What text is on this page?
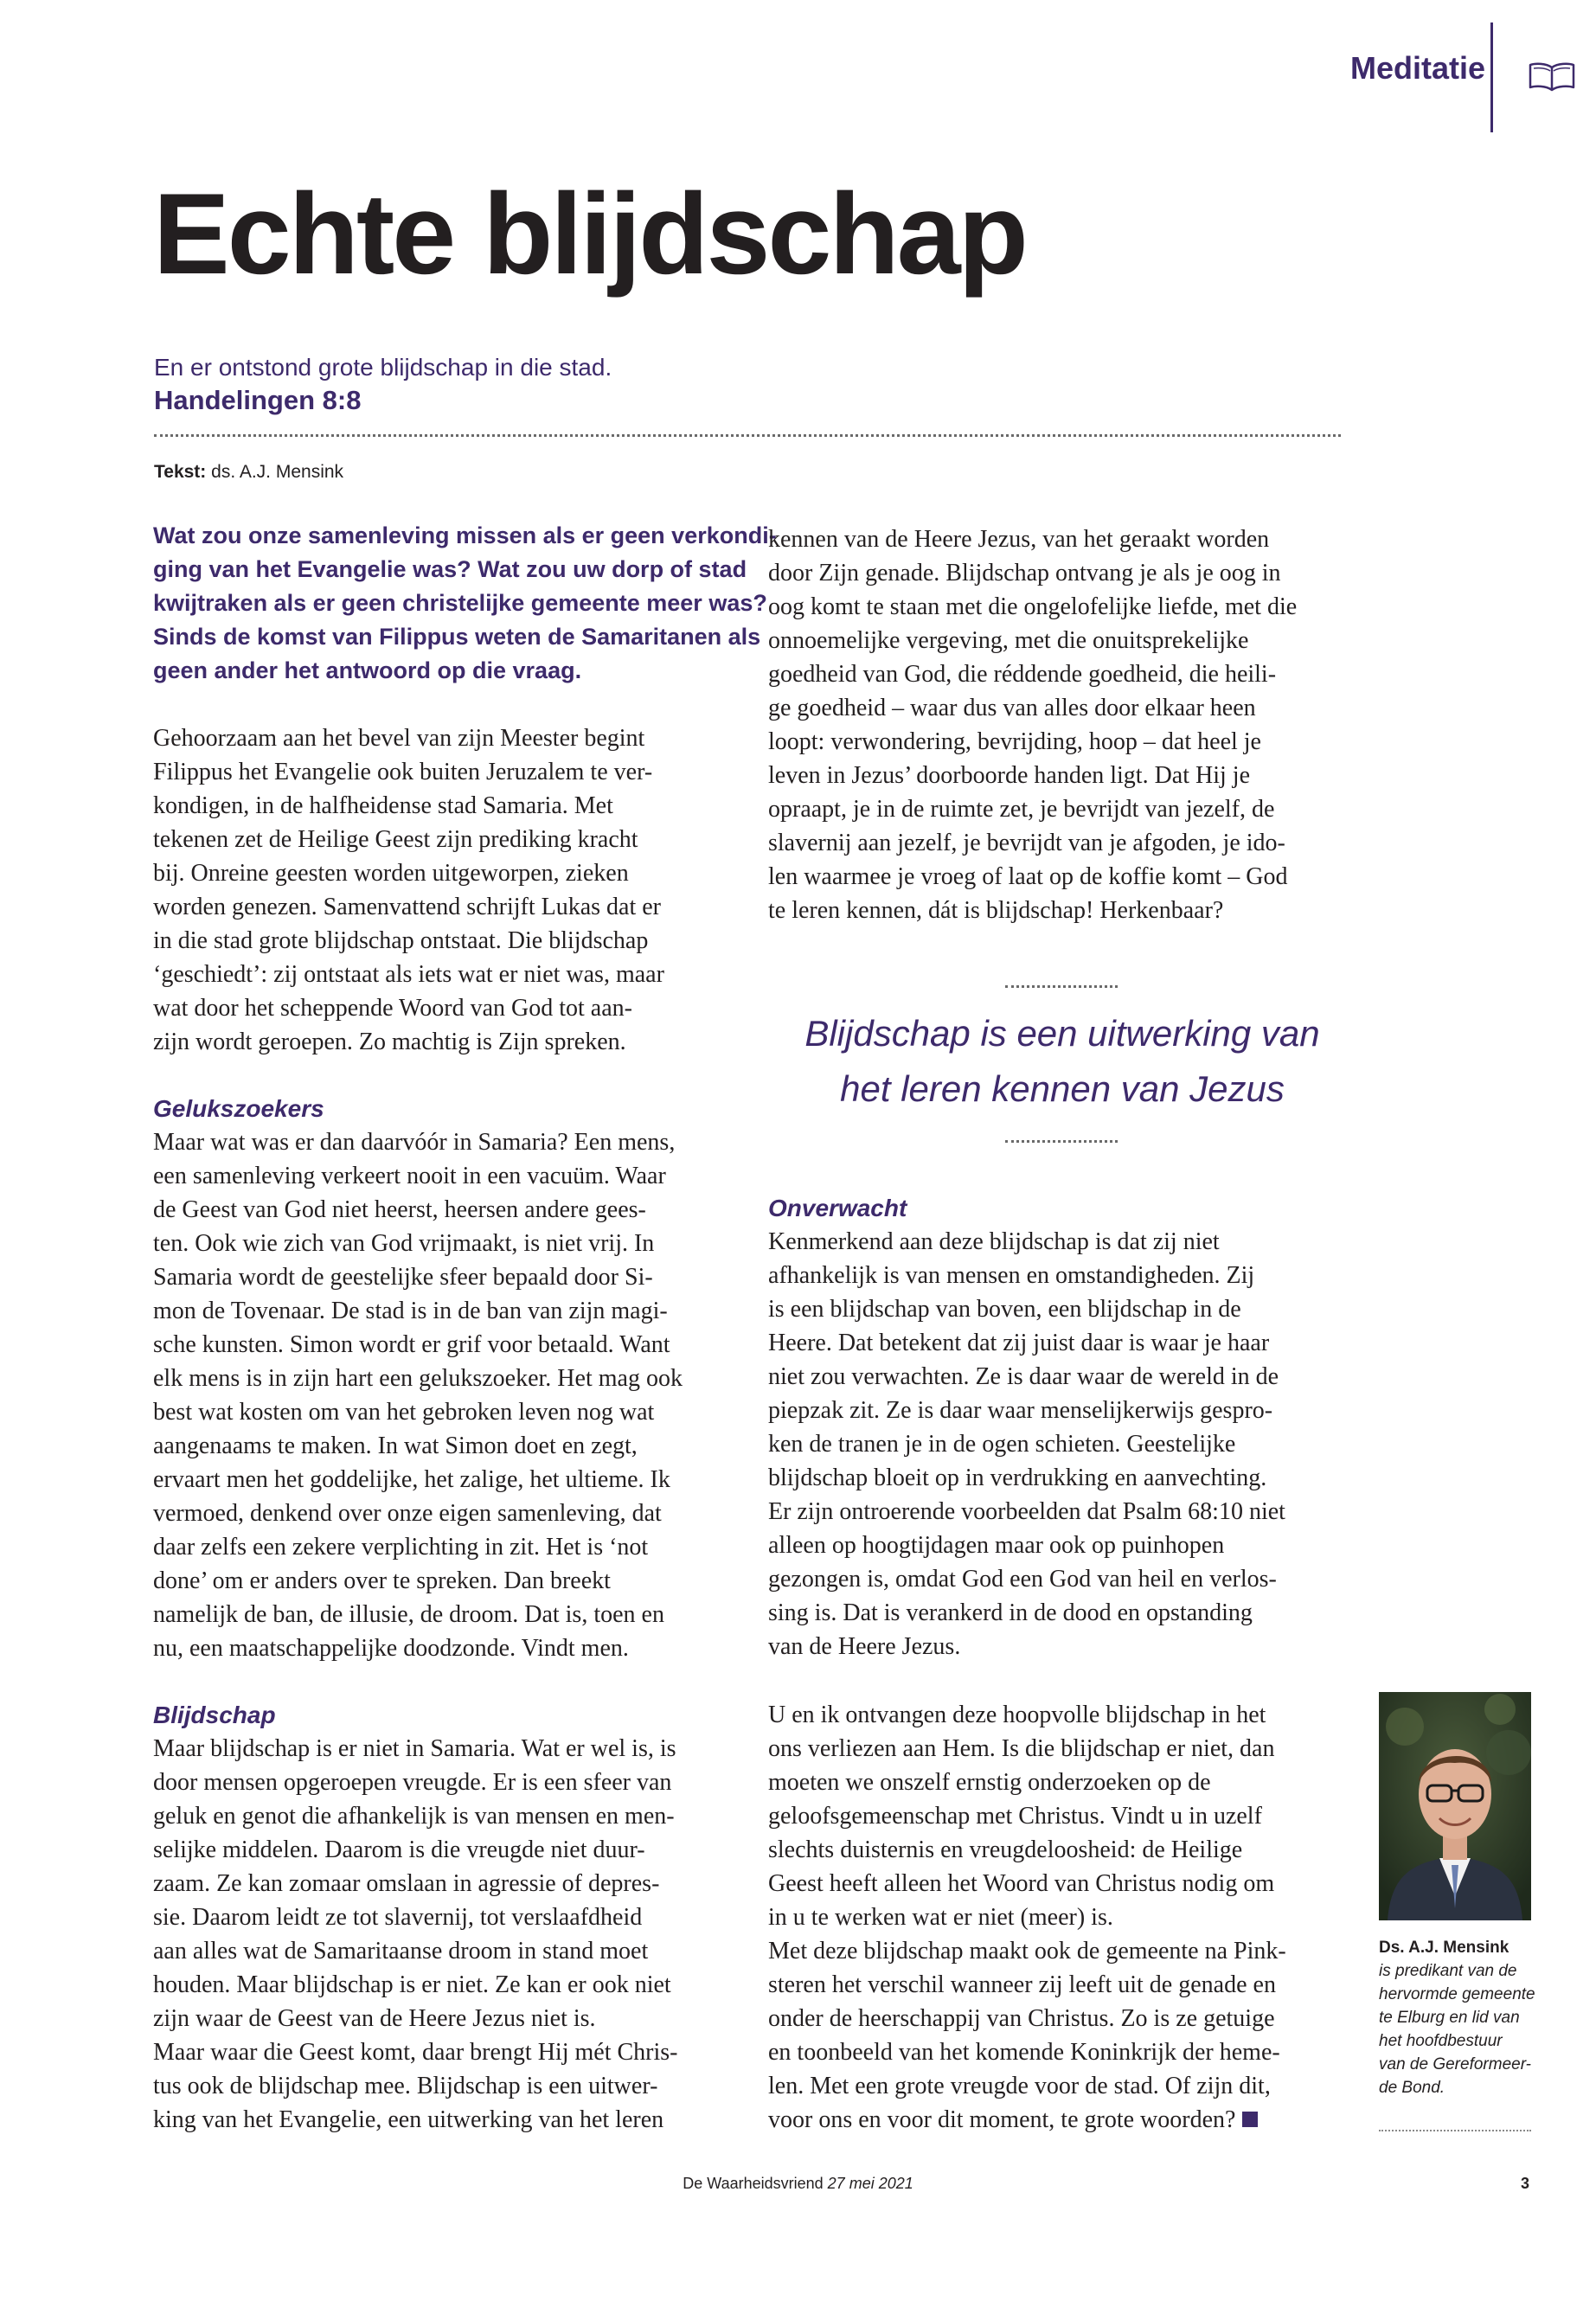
Meditatie
Echte blijdschap
En er ontstond grote blijdschap in die stad.
Handelingen 8:8
Tekst: ds. A.J. Mensink
Wat zou onze samenleving missen als er geen verkondi-
ging van het Evangelie was? Wat zou uw dorp of stad
kwijtraken als er geen christelijke gemeente meer was?
Sinds de komst van Filippus weten de Samaritanen als
geen ander het antwoord op die vraag.
Gehoorzaam aan het bevel van zijn Meester begint
Filippus het Evangelie ook buiten Jeruzalem te ver-
kondigen, in de halfheidense stad Samaria. Met
tekenen zet de Heilige Geest zijn prediking kracht
bij. Onreine geesten worden uitgeworpen, zieken
worden genezen. Samenvattend schrijft Lukas dat er
in die stad grote blijdschap ontstaat. Die blijdschap
‘geschiedt’: zij ontstaat als iets wat er niet was, maar
wat door het scheppende Woord van God tot aan-
zijn wordt geroepen. Zo machtig is Zijn spreken.
Gelukszoekers
Maar wat was er dan daarvóór in Samaria? Een mens,
een samenleving verkeert nooit in een vacuüm. Waar
de Geest van God niet heerst, heersen andere gees-
ten. Ook wie zich van God vrijmaakt, is niet vrij. In
Samaria wordt de geestelijke sfeer bepaald door Si-
mon de Tovenaar. De stad is in de ban van zijn magi-
sche kunsten. Simon wordt er grif voor betaald. Want
elk mens is in zijn hart een gelukszoeker. Het mag ook
best wat kosten om van het gebroken leven nog wat
aangenaams te maken. In wat Simon doet en zegt,
ervaart men het goddelijke, het zalige, het ultieme. Ik
vermoed, denkend over onze eigen samenleving, dat
daar zelfs een zekere verplichting in zit. Het is ‘not
done’ om er anders over te spreken. Dan breekt
namelijk de ban, de illusie, de droom. Dat is, toen en
nu, een maatschappelijke doodzonde. Vindt men.
Blijdschap
Maar blijdschap is er niet in Samaria. Wat er wel is, is
door mensen opgeroepen vreugde. Er is een sfeer van
geluk en genot die afhankelijk is van mensen en men-
selijke middelen. Daarom is die vreugde niet duur-
zaam. Ze kan zomaar omslaan in agressie of depres-
sie. Daarom leidt ze tot slavernij, tot verslaafdheid
aan alles wat de Samaritaanse droom in stand moet
houden. Maar blijdschap is er niet. Ze kan er ook niet
zijn waar de Geest van de Heere Jezus niet is.
Maar waar die Geest komt, daar brengt Hij mét Chris-
tus ook de blijdschap mee. Blijdschap is een uitwer-
king van het Evangelie, een uitwerking van het leren
kennen van de Heere Jezus, van het geraakt worden
door Zijn genade. Blijdschap ontvang je als je oog in
oog komt te staan met die ongelofelijke liefde, met die
onnoemelijke vergeving, met die onuitsprekelijke
goedheid van God, die réddende goedheid, die heili-
ge goedheid – waar dus van alles door elkaar heen
loopt: verwondering, bevrijding, hoop – dat heel je
leven in Jezus’ doorboorde handen ligt. Dat Hij je
opraapt, je in de ruimte zet, je bevrijdt van jezelf, de
slavernij aan jezelf, je bevrijdt van je afgoden, je ido-
len waarmee je vroeg of laat op de koffie komt – God
te leren kennen, dát is blijdschap! Herkenbaar?
Blijdschap is een uitwerking van
het leren kennen van Jezus
Onverwacht
Kenmerkend aan deze blijdschap is dat zij niet
afhankelijk is van mensen en omstandigheden. Zij
is een blijdschap van boven, een blijdschap in de
Heere. Dat betekent dat zij juist daar is waar je haar
niet zou verwachten. Ze is daar waar de wereld in de
piepzak zit. Ze is daar waar menselijkerwijs gespro-
ken de tranen je in de ogen schieten. Geestelijke
blijdschap bloeit op in verdrukking en aanvechting.
Er zijn ontroerende voorbeelden dat Psalm 68:10 niet
alleen op hoogtijdagen maar ook op puinhopen
gezongen is, omdat God een God van heil en verlos-
sing is. Dat is verankerd in de dood en opstanding
van de Heere Jezus.
U en ik ontvangen deze hoopvolle blijdschap in het
ons verliezen aan Hem. Is die blijdschap er niet, dan
moeten we onszelf ernstig onderzoeken op de
geloofsgemeenschap met Christus. Vindt u in uzelf
slechts duisternis en vreugdeloosheid: de Heilige
Geest heeft alleen het Woord van Christus nodig om
in u te werken wat er niet (meer) is.
Met deze blijdschap maakt ook de gemeente na Pink-
steren het verschil wanneer zij leeft uit de genade en
onder de heerschappij van Christus. Zo is ze getuige
en toonbeeld van het komende Koninkrijk der heme-
len. Met een grote vreugde voor de stad. Of zijn dit,
voor ons en voor dit moment, te grote woorden?
Ds. A.J. Mensink
is predikant van de
hervormde gemeente
te Elburg en lid van
het hoofdbestuur
van de Gereformeer-
de Bond.
De Waarheidsvriend 27 mei 2021	3
